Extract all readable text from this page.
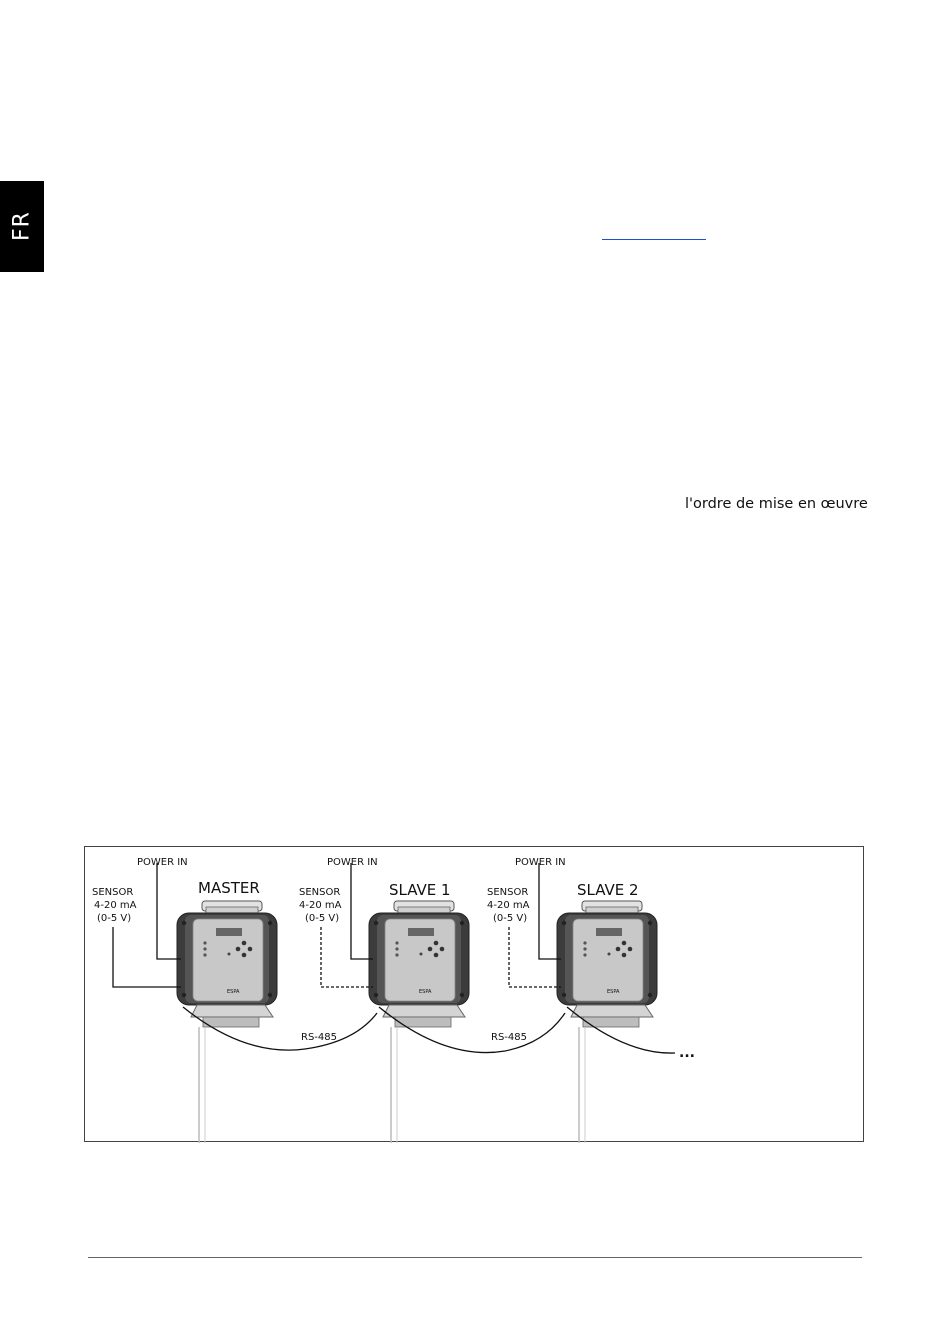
FR
l'ordre de mise en œuvre
POWER IN
MASTER
SENSOR
4-20 mA
(0-5 V)
POWER IN
SLAVE 1
SENSOR
4-20 mA
(0-5 V)
POWER IN
SLAVE 2
SENSOR
4-20 mA
(0-5 V)
ESPA	ESPA	ESPA
RS-485	RS-485
...
